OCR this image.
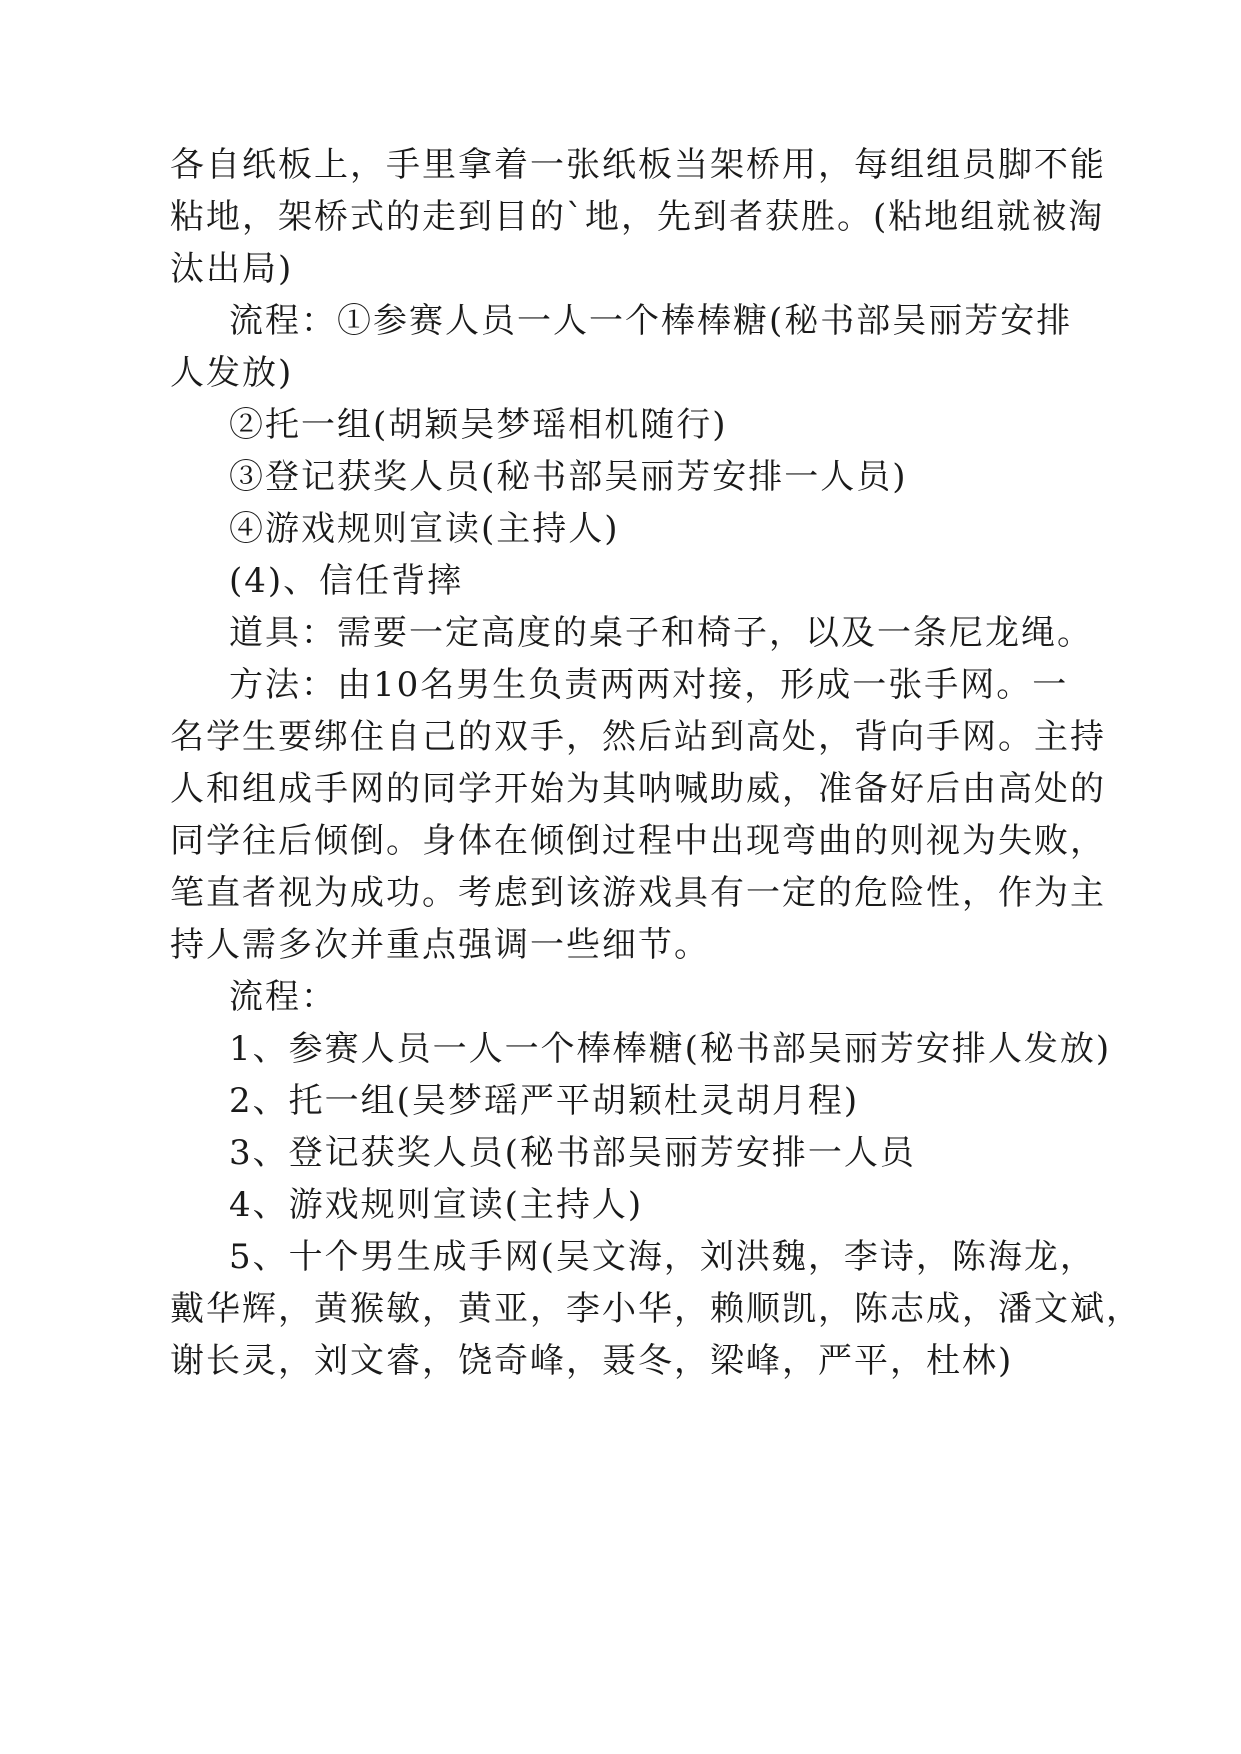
各自纸板上，手里拿着一张纸板当架桥用，每组组员脚不能
粘地，架桥式的走到目的`地，先到者获胜。(粘地组就被淘
汰出局)
流程：①参赛人员一人一个棒棒糖(秘书部吴丽芳安排
人发放)
②托一组(胡颖吴梦瑶相机随行)
③登记获奖人员(秘书部吴丽芳安排一人员)
④游戏规则宣读(主持人)
(4)、信任背摔
道具：需要一定高度的桌子和椅子，以及一条尼龙绳。
方法：由10名男生负责两两对接，形成一张手网。一
名学生要绑住自己的双手，然后站到高处，背向手网。主持
人和组成手网的同学开始为其呐喊助威，准备好后由高处的
同学往后倾倒。身体在倾倒过程中出现弯曲的则视为失败，
笔直者视为成功。考虑到该游戏具有一定的危险性，作为主
持人需多次并重点强调一些细节。
流程：
1、参赛人员一人一个棒棒糖(秘书部吴丽芳安排人发放)
2、托一组(吴梦瑶严平胡颖杜灵胡月程)
3、登记获奖人员(秘书部吴丽芳安排一人员
4、游戏规则宣读(主持人)
5、十个男生成手网(吴文海，刘洪魏，李诗，陈海龙，
戴华辉，黄猴敏，黄亚，李小华，赖顺凯，陈志成，潘文斌，
谢长灵，刘文睿，饶奇峰，聂冬，梁峰，严平，杜林)
